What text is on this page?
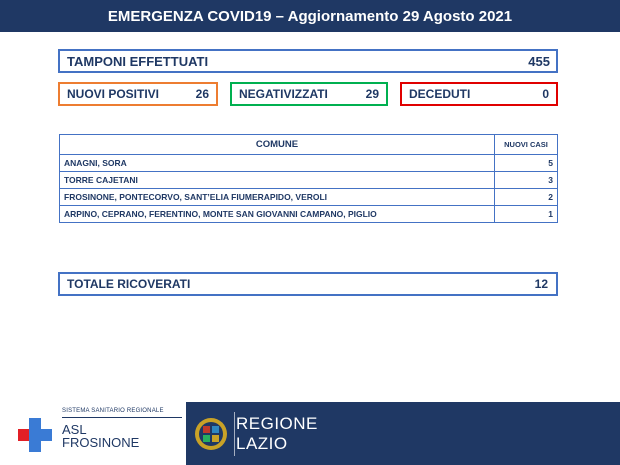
EMERGENZA COVID19 – Aggiornamento 29 Agosto 2021
TAMPONI EFFETTUATI	455
NUOVI POSITIVI	26	NEGATIVIZZATI	29	DECEDUTI	0
COMUNE	NUOVI CASI
ANAGNI, SORA	5
TORRE CAJETANI	3
FROSINONE, PONTECORVO, SANT’ELIA FIUMERAPIDO, VEROLI	2
ARPINO, CEPRANO, FERENTINO, MONTE SAN GIOVANNI CAMPANO, PIGLIO	1
TOTALE RICOVERATI	12
SISTEMA SANITARIO REGIONALE
ASL
FROSINONE
REGIONE
LAZIO
